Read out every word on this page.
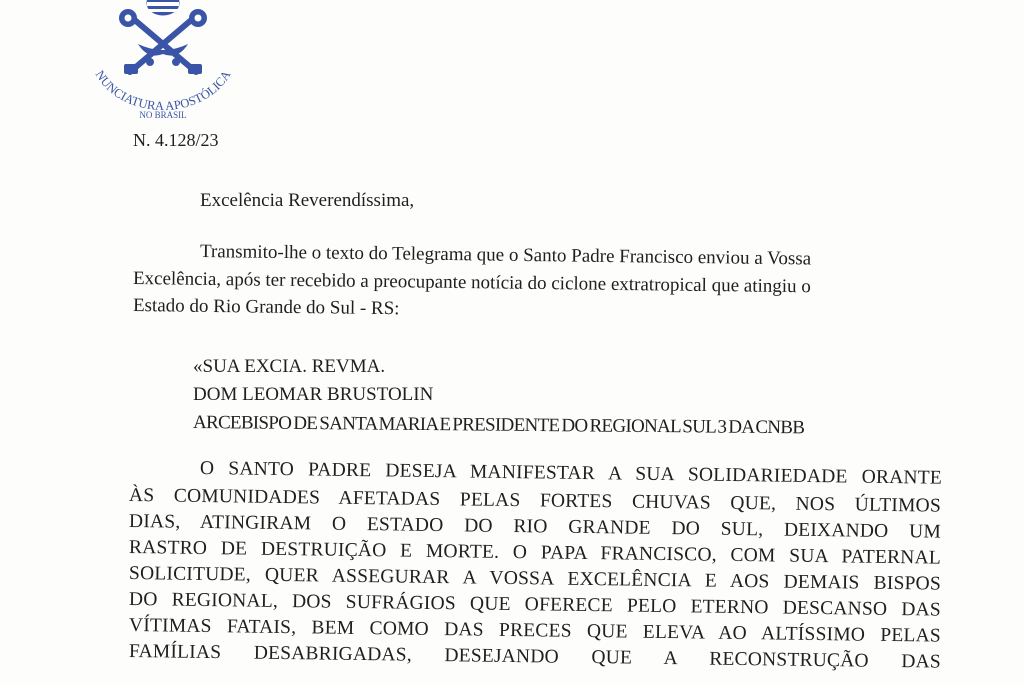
NUNCIATURA APOSTÓLICA
NO BRASIL

N. 4.128/23

Excelência Reverendíssima,

Transmito-lhe o texto do Telegrama que o Santo Padre Francisco enviou a Vossa

Excelência, após ter recebido a preocupante notícia do ciclone extratropical que atingiu o

Estado do Rio Grande do Sul - RS:

«SUA EXCIA. REVMA.

DOM LEOMAR BRUSTOLIN

ARCEBISPO DE SANTA MARIA E PRESIDENTE DO REGIONAL SUL 3 DA CNBB

O SANTO PADRE DESEJA MANIFESTAR A SUA SOLIDARIEDADE ORANTE
ÀS COMUNIDADES AFETADAS PELAS FORTES CHUVAS QUE, NOS ÚLTIMOS
DIAS, ATINGIRAM O ESTADO DO RIO GRANDE DO SUL, DEIXANDO UM
RASTRO DE DESTRUIÇÃO E MORTE. O PAPA FRANCISCO, COM SUA PATERNAL
SOLICITUDE, QUER ASSEGURAR A VOSSA EXCELÊNCIA E AOS DEMAIS BISPOS
DO REGIONAL, DOS SUFRÁGIOS QUE OFERECE PELO ETERNO DESCANSO DAS
VÍTIMAS FATAIS, BEM COMO DAS PRECES QUE ELEVA AO ALTÍSSIMO PELAS
FAMÍLIAS DESABRIGADAS, DESEJANDO QUE A RECONSTRUÇÃO DAS
